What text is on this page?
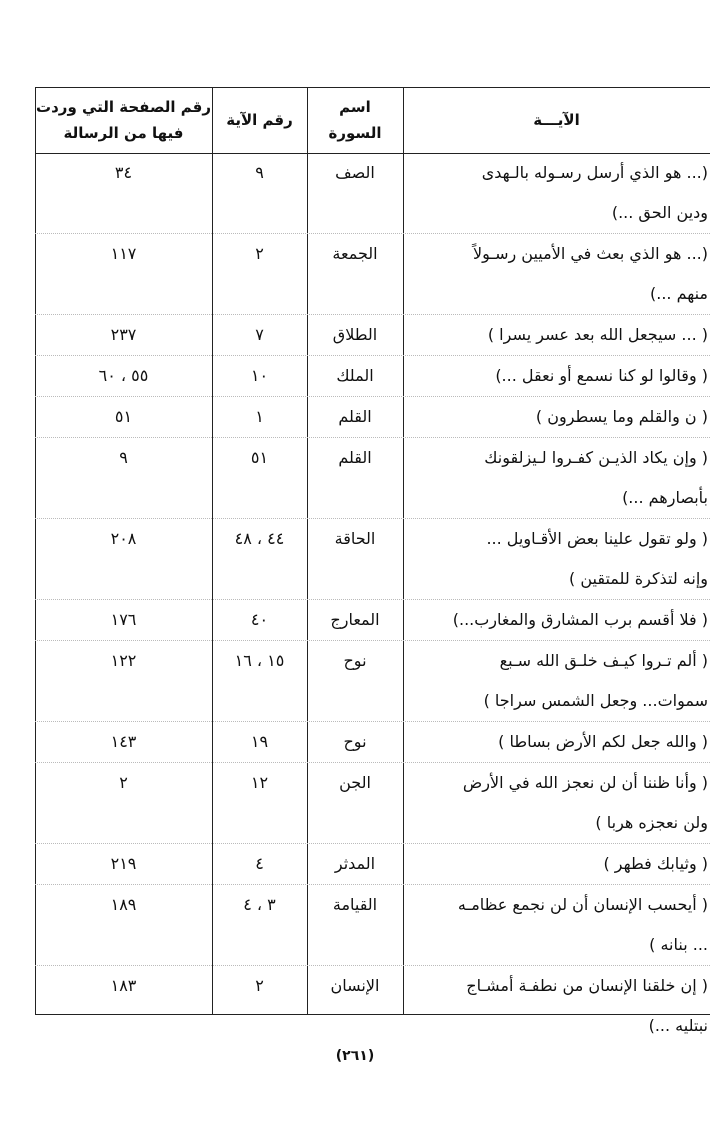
الآيـــة
اسم
السورة
رقم الآية
رقم الصفحة التي وردت
فيها من الرسالة
(... هو الذي أرسل رسـوله بالـهدى
ودين الحق ...)
الصف
٩
٣٤
(... هو الذي بعث في الأميين رسـولاً
منهم ...)
الجمعة
٢
١١٧
( ... سيجعل الله بعد عسر يسرا )
الطلاق
٧
٢٣٧
( وقالوا لو كنا نسمع أو نعقل ...)
الملك
١٠
٥٥ ، ٦٠
( ن والقلم وما يسطرون )
القلم
١
٥١
( وإن يكاد الذيـن كفـروا لـيزلقونك
بأبصارهم ...)
القلم
٥١
٩
( ولو تقول علينا بعض الأقـاويل ...
وإنه لتذكرة للمتقين )
الحاقة
٤٤ ، ٤٨
٢٠٨
( فلا أقسم برب المشارق والمغارب...)
المعارج
٤٠
١٧٦
( ألم تـروا كيـف خلـق الله سـبع
سموات... وجعل الشمس سراجا )
نوح
١٥ ، ١٦
١٢٢
( والله جعل لكم الأرض بساطا )
نوح
١٩
١٤٣
( وأنا ظننا أن لن نعجز الله في الأرض
ولن نعجزه هربا )
الجن
١٢
٢
( وثيابك فطهر )
المدثر
٤
٢١٩
( أيحسب الإنسان أن لن نجمع عظامـه
... بنانه )
القيامة
٣ ، ٤
١٨٩
( إن خلقنا الإنسان من نطفـة أمشـاج
نبتليه ...)
الإنسان
٢
١٨٣
(٢٦١)
